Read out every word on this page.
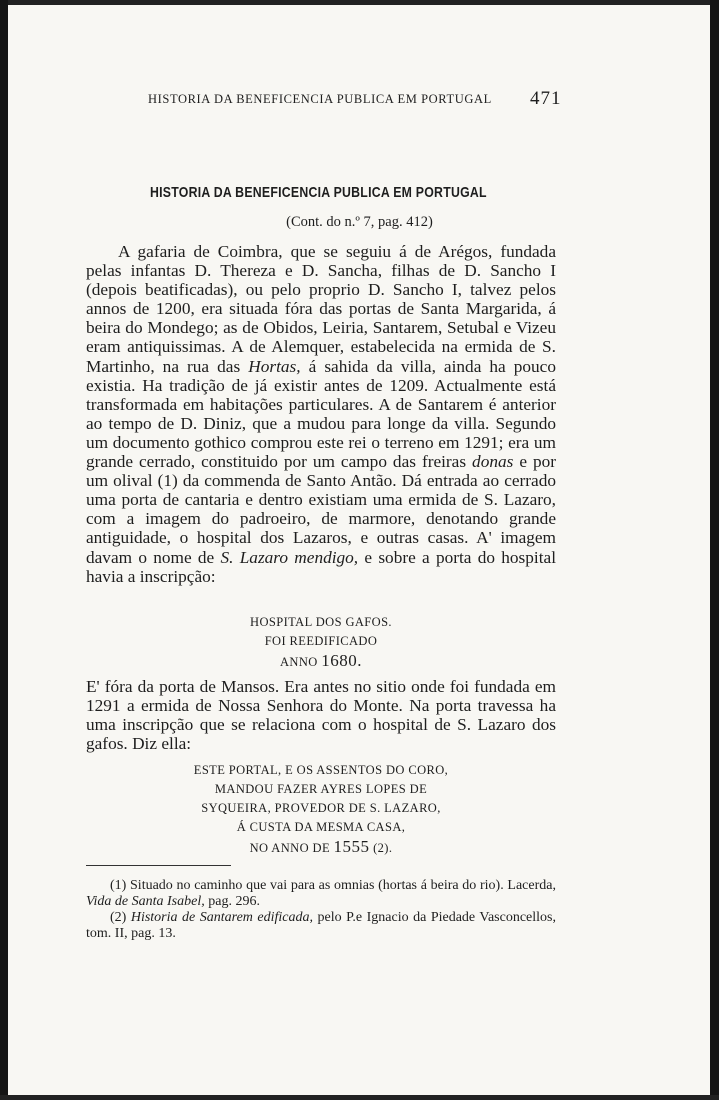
HISTORIA DA BENEFICENCIA PUBLICA EM PORTUGAL	471
HISTORIA DA BENEFICENCIA PUBLICA EM PORTUGAL
(Cont. do n.º 7, pag. 412)
A gafaria de Coimbra, que se seguiu á de Arégos, fundada pelas infantas D. Thereza e D. Sancha, filhas de D. Sancho I (depois beatificadas), ou pelo proprio D. Sancho I, talvez pelos annos de 1200, era situada fóra das portas de Santa Margarida, á beira do Mondego; as de Obidos, Leiria, Santarem, Setubal e Vizeu eram antiquissimas. A de Alemquer, estabelecida na ermida de S. Martinho, na rua das Hortas, á sahida da villa, ainda ha pouco existia. Ha tradição de já existir antes de 1209. Actualmente está transformada em habitações particulares. A de Santarem é anterior ao tempo de D. Diniz, que a mudou para longe da villa. Segundo um documento gothico comprou este rei o terreno em 1291; era um grande cerrado, constituido por um campo das freiras donas e por um olival (1) da commenda de Santo Antão. Dá entrada ao cerrado uma porta de cantaria e dentro existiam uma ermida de S. Lazaro, com a imagem do padroeiro, de marmore, denotando grande antiguidade, o hospital dos Lazaros, e outras casas. A' imagem davam o nome de S. Lazaro mendigo, e sobre a porta do hospital havia a inscripção:
HOSPITAL DOS GAFOS.
FOI REEDIFICADO
ANNO 1680.
E' fóra da porta de Mansos. Era antes no sitio onde foi fundada em 1291 a ermida de Nossa Senhora do Monte. Na porta travessa ha uma inscripção que se relaciona com o hospital de S. Lazaro dos gafos. Diz ella:
ESTE PORTAL, E OS ASSENTOS DO CORO,
MANDOU FAZER AYRES LOPES DE
SYQUEIRA, PROVEDOR DE S. LAZARO,
Á CUSTA DA MESMA CASA,
NO ANNO DE 1555 (2).
(1) Situado no caminho que vai para as omnias (hortas á beira do rio). Lacerda, Vida de Santa Isabel, pag. 296.
(2) Historia de Santarem edificada, pelo P.e Ignacio da Piedade Vasconcellos, tom. II, pag. 13.
